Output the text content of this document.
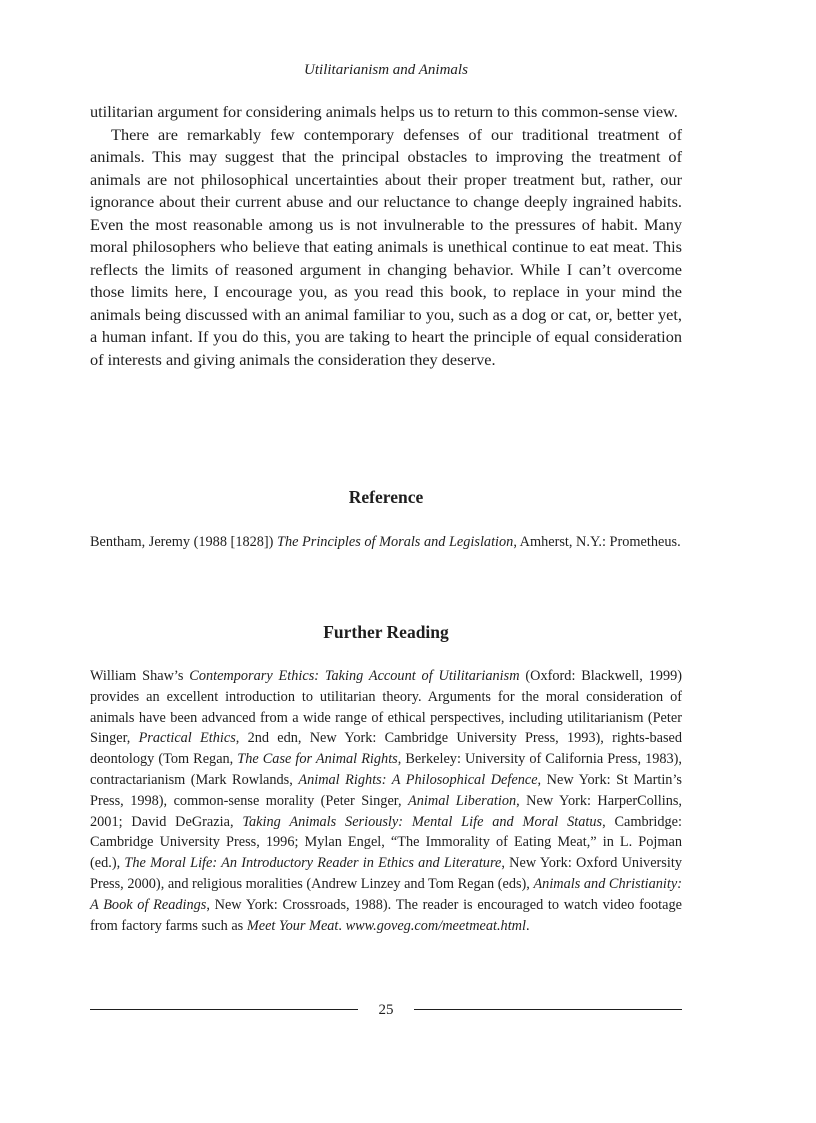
Utilitarianism and Animals

utilitarian argument for considering animals helps us to return to this common-sense view.

There are remarkably few contemporary defenses of our traditional treatment of animals. This may suggest that the principal obstacles to improving the treatment of animals are not philosophical uncertainties about their proper treatment but, rather, our ignorance about their current abuse and our reluctance to change deeply ingrained habits. Even the most reasonable among us is not invulnerable to the pressures of habit. Many moral philosophers who believe that eating animals is unethical continue to eat meat. This reflects the limits of reasoned argument in changing behavior. While I can’t overcome those limits here, I encourage you, as you read this book, to replace in your mind the animals being discussed with an animal familiar to you, such as a dog or cat, or, better yet, a human infant. If you do this, you are taking to heart the principle of equal consideration of interests and giving animals the consideration they deserve.

Reference

Bentham, Jeremy (1988 [1828]) The Principles of Morals and Legislation, Amherst, N.Y.: Prometheus.

Further Reading

William Shaw’s Contemporary Ethics: Taking Account of Utilitarianism (Oxford: Blackwell, 1999) provides an excellent introduction to utilitarian theory. Arguments for the moral consideration of animals have been advanced from a wide range of ethical perspectives, including utilitarianism (Peter Singer, Practical Ethics, 2nd edn, New York: Cambridge University Press, 1993), rights-based deontology (Tom Regan, The Case for Animal Rights, Berkeley: University of California Press, 1983), contractarianism (Mark Rowlands, Animal Rights: A Philosophical Defence, New York: St Martin’s Press, 1998), common-sense morality (Peter Singer, Animal Liberation, New York: HarperCollins, 2001; David DeGrazia, Taking Animals Seriously: Mental Life and Moral Status, Cambridge: Cambridge University Press, 1996; Mylan Engel, “The Immorality of Eating Meat,” in L. Pojman (ed.), The Moral Life: An Introductory Reader in Ethics and Literature, New York: Oxford University Press, 2000), and religious moralities (Andrew Linzey and Tom Regan (eds), Animals and Christianity: A Book of Readings, New York: Crossroads, 1988). The reader is encouraged to watch video footage from factory farms such as Meet Your Meat. www.goveg.com/meetmeat.html.

25
